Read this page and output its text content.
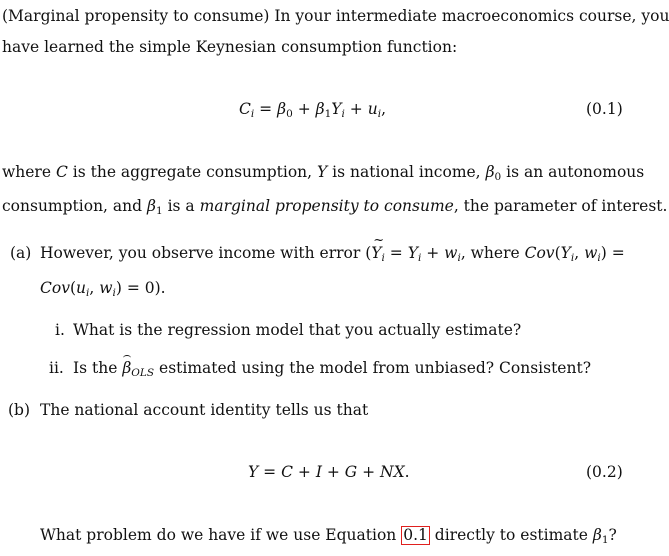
(Marginal propensity to consume) In your intermediate macroeconomics course, you
have learned the simple Keynesian consumption function:
$C_i = \beta_0 + \beta_1Y_i + u_i$,	(0.1)
where C is the aggregate consumption, Y is national income, $\beta_0$ is an autonomous
consumption, and $\beta_1$ is a marginal propensity to consume, the parameter of interest.
(a) However, you observe income with error (~ $Y_i = Y_i + w_i$, where $Cov(Y_i$, $w_i$) =
$Cov(u_i$, $w_i) = 0$).
i. What is the regression model that you actually estimate?
ii. Is the $\beta_{OLS}$ estimated using the model from unbiased? Consistent?
(b) The national account identity tells us that
Y = C + I + G + NX.	(0.2)
What problem do we have if we use Equation 0.1 directly to estimate $\beta_1$?
